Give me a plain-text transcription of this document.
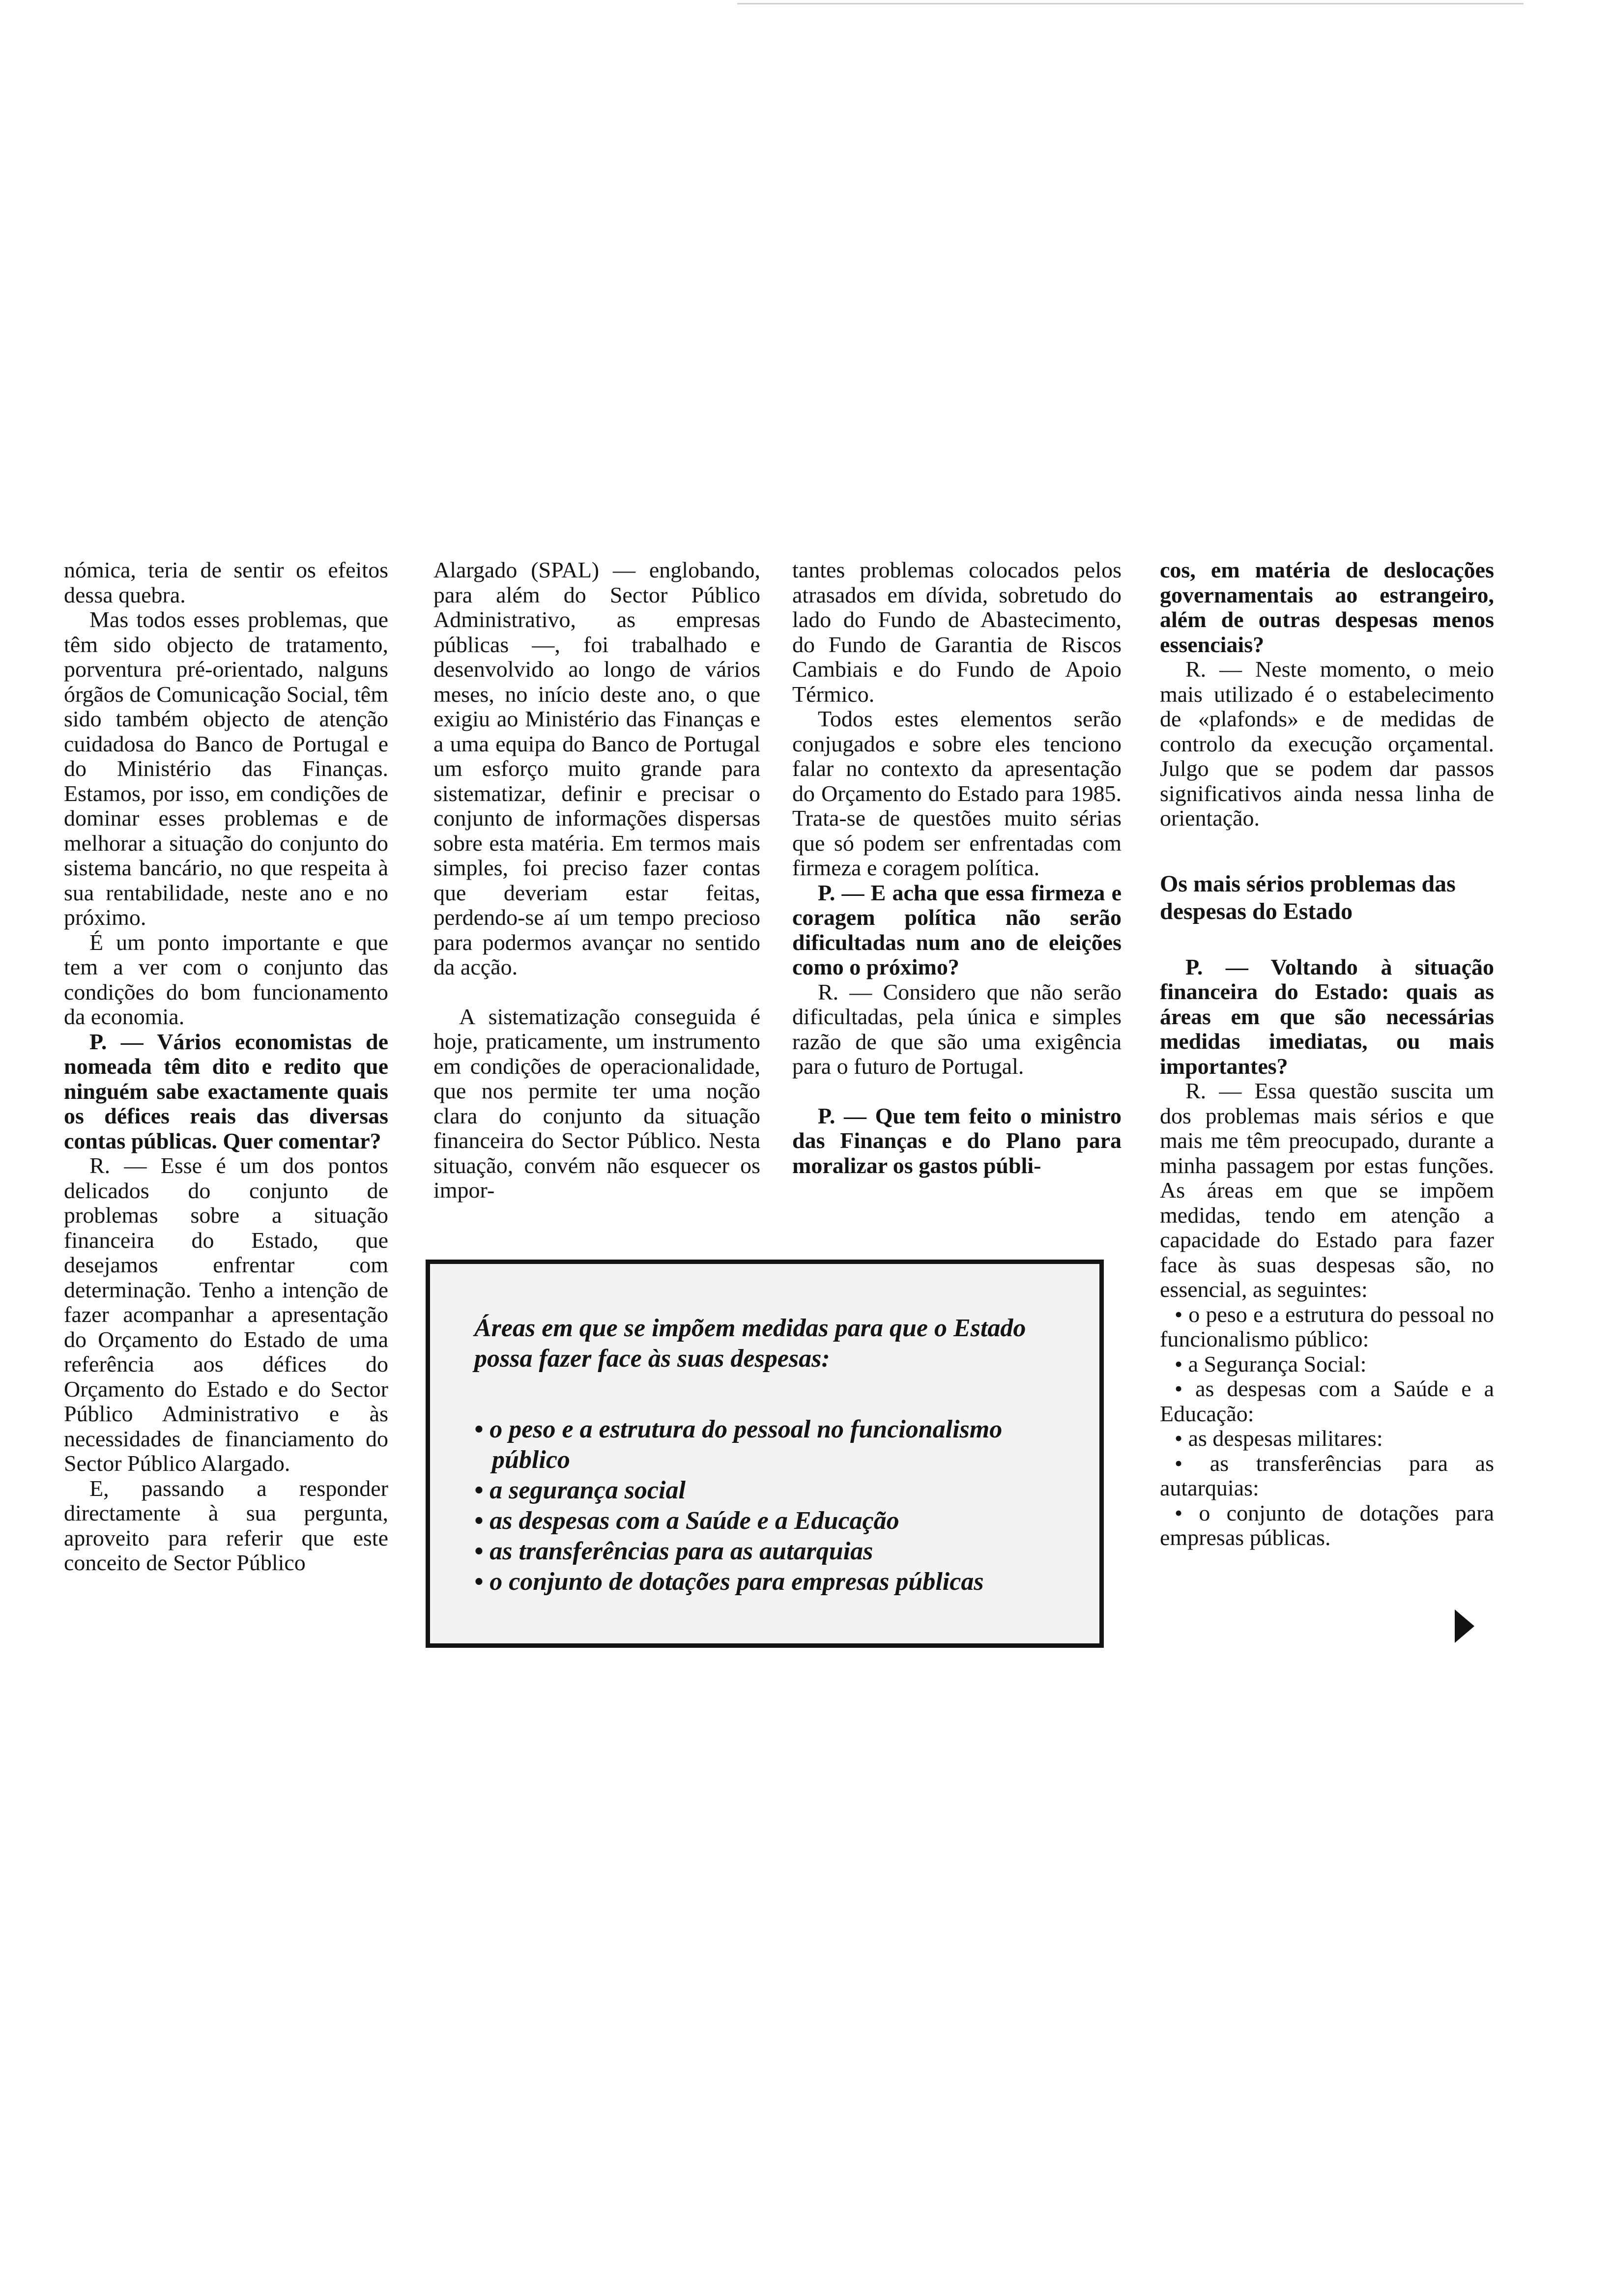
nómica, teria de sentir os efeitos dessa quebra.

Mas todos esses problemas, que têm sido objecto de tratamento, porventura pré-orientado, nalguns órgãos de Comunicação Social, têm sido também objecto de atenção cuidadosa do Banco de Portugal e do Ministério das Finanças. Estamos, por isso, em condições de dominar esses problemas e de melhorar a situação do conjunto do sistema bancário, no que respeita à sua rentabilidade, neste ano e no próximo.

É um ponto importante e que tem a ver com o conjunto das condições do bom funcionamento da economia.

P. — Vários economistas de nomeada têm dito e redito que ninguém sabe exactamente quais os défices reais das diversas contas públicas. Quer comentar?

R. — Esse é um dos pontos delicados do conjunto de problemas sobre a situação financeira do Estado, que desejamos enfrentar com determinação. Tenho a intenção de fazer acompanhar a apresentação do Orçamento do Estado de uma referência aos défices do Orçamento do Estado e do Sector Público Administrativo e às necessidades de financiamento do Sector Público Alargado.

E, passando a responder directamente à sua pergunta, aproveito para referir que este conceito de Sector Público

Alargado (SPAL) — englobando, para além do Sector Público Administrativo, as empresas públicas —, foi trabalhado e desenvolvido ao longo de vários meses, no início deste ano, o que exigiu ao Ministério das Finanças e a uma equipa do Banco de Portugal um esforço muito grande para sistematizar, definir e precisar o conjunto de informações dispersas sobre esta matéria. Em termos mais simples, foi preciso fazer contas que deveriam estar feitas, perdendo-se aí um tempo precioso para podermos avançar no sentido da acção.

A sistematização conseguida é hoje, praticamente, um instrumento em condições de operacionalidade, que nos permite ter uma noção clara do conjunto da situação financeira do Sector Público. Nesta situação, convém não esquecer os impor-

tantes problemas colocados pelos atrasados em dívida, sobretudo do lado do Fundo de Abastecimento, do Fundo de Garantia de Riscos Cambiais e do Fundo de Apoio Térmico.

Todos estes elementos serão conjugados e sobre eles tenciono falar no contexto da apresentação do Orçamento do Estado para 1985. Trata-se de questões muito sérias que só podem ser enfrentadas com firmeza e coragem política.

P. — E acha que essa firmeza e coragem política não serão dificultadas num ano de eleições como o próximo?

R. — Considero que não serão dificultadas, pela única e simples razão de que são uma exigência para o futuro de Portugal.

P. — Que tem feito o ministro das Finanças e do Plano para moralizar os gastos públi-

cos, em matéria de deslocações governamentais ao estrangeiro, além de outras despesas menos essenciais?

R. — Neste momento, o meio mais utilizado é o estabelecimento de «plafonds» e de medidas de controlo da execução orçamental. Julgo que se podem dar passos significativos ainda nessa linha de orientação.

Os mais sérios problemas das despesas do Estado

P. — Voltando à situação financeira do Estado: quais as áreas em que são necessárias medidas imediatas, ou mais importantes?

R. — Essa questão suscita um dos problemas mais sérios e que mais me têm preocupado, durante a minha passagem por estas funções. As áreas em que se impõem medidas, tendo em atenção a capacidade do Estado para fazer face às suas despesas são, no essencial, as seguintes:

• o peso e a estrutura do pessoal no funcionalismo público:
• a Segurança Social:
• as despesas com a Saúde e a Educação:
• as despesas militares:
• as transferências para as autarquias:
• o conjunto de dotações para empresas públicas.
Áreas em que se impõem medidas para que o Estado possa fazer face às suas despesas:
• o peso e a estrutura do pessoal no funcionalismo público
• a segurança social
• as despesas com a Saúde e a Educação
• as transferências para as autarquias
• o conjunto de dotações para empresas públicas
